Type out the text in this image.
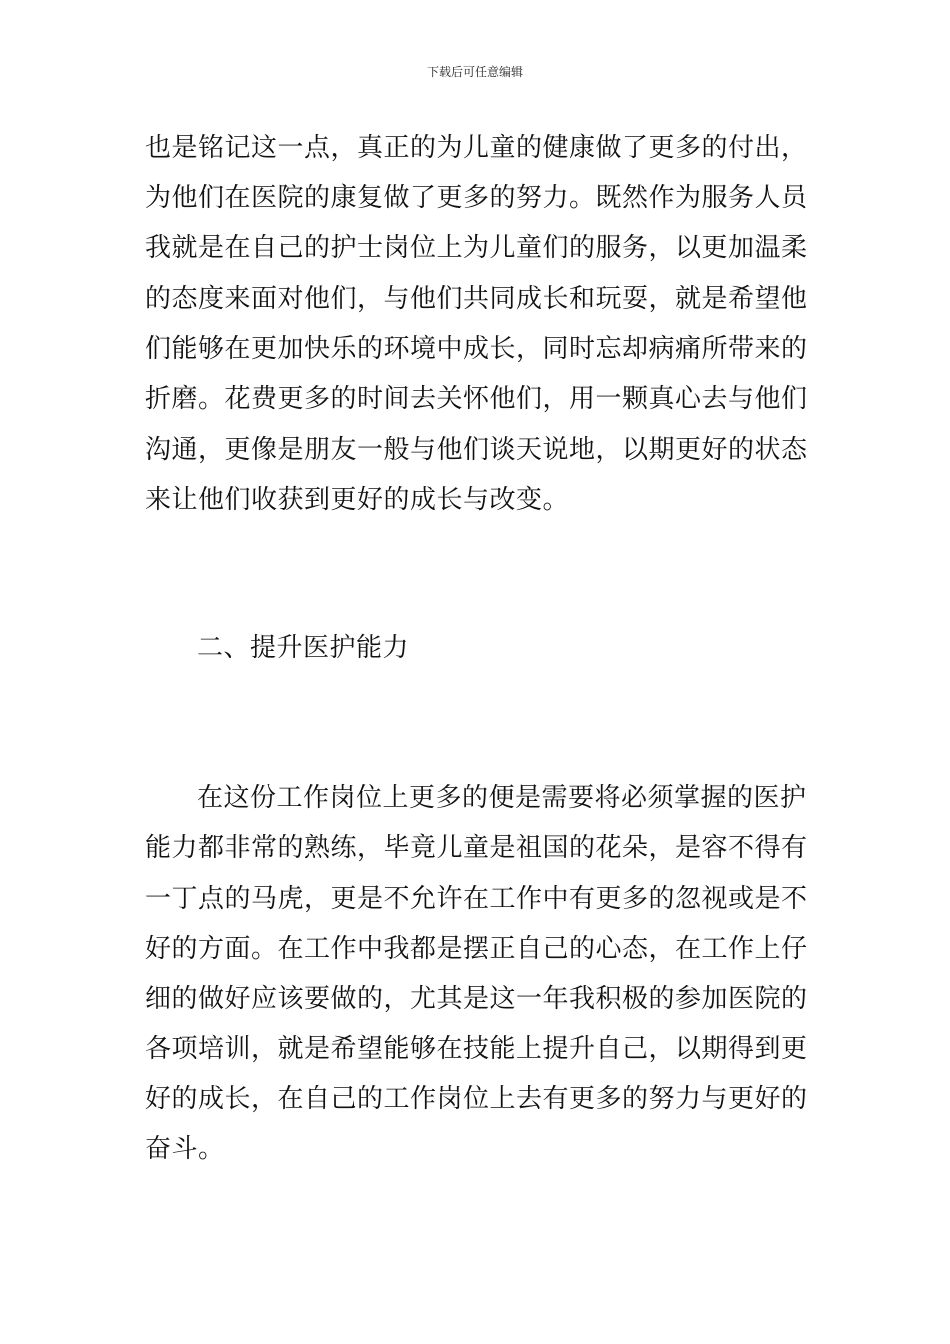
下载后可任意编辑
也是铭记这一点，真正的为儿童的健康做了更多的付出，
为他们在医院的康复做了更多的努力。既然作为服务人员
我就是在自己的护士岗位上为儿童们的服务，以更加温柔
的态度来面对他们，与他们共同成长和玩耍，就是希望他
们能够在更加快乐的环境中成长，同时忘却病痛所带来的
折磨。花费更多的时间去关怀他们，用一颗真心去与他们
沟通，更像是朋友一般与他们谈天说地，以期更好的状态
来让他们收获到更好的成长与改变。
二、提升医护能力
在这份工作岗位上更多的便是需要将必须掌握的医护
能力都非常的熟练，毕竟儿童是祖国的花朵，是容不得有
一丁点的马虎，更是不允许在工作中有更多的忽视或是不
好的方面。在工作中我都是摆正自己的心态，在工作上仔
细的做好应该要做的，尤其是这一年我积极的参加医院的
各项培训，就是希望能够在技能上提升自己，以期得到更
好的成长，在自己的工作岗位上去有更多的努力与更好的
奋斗。
